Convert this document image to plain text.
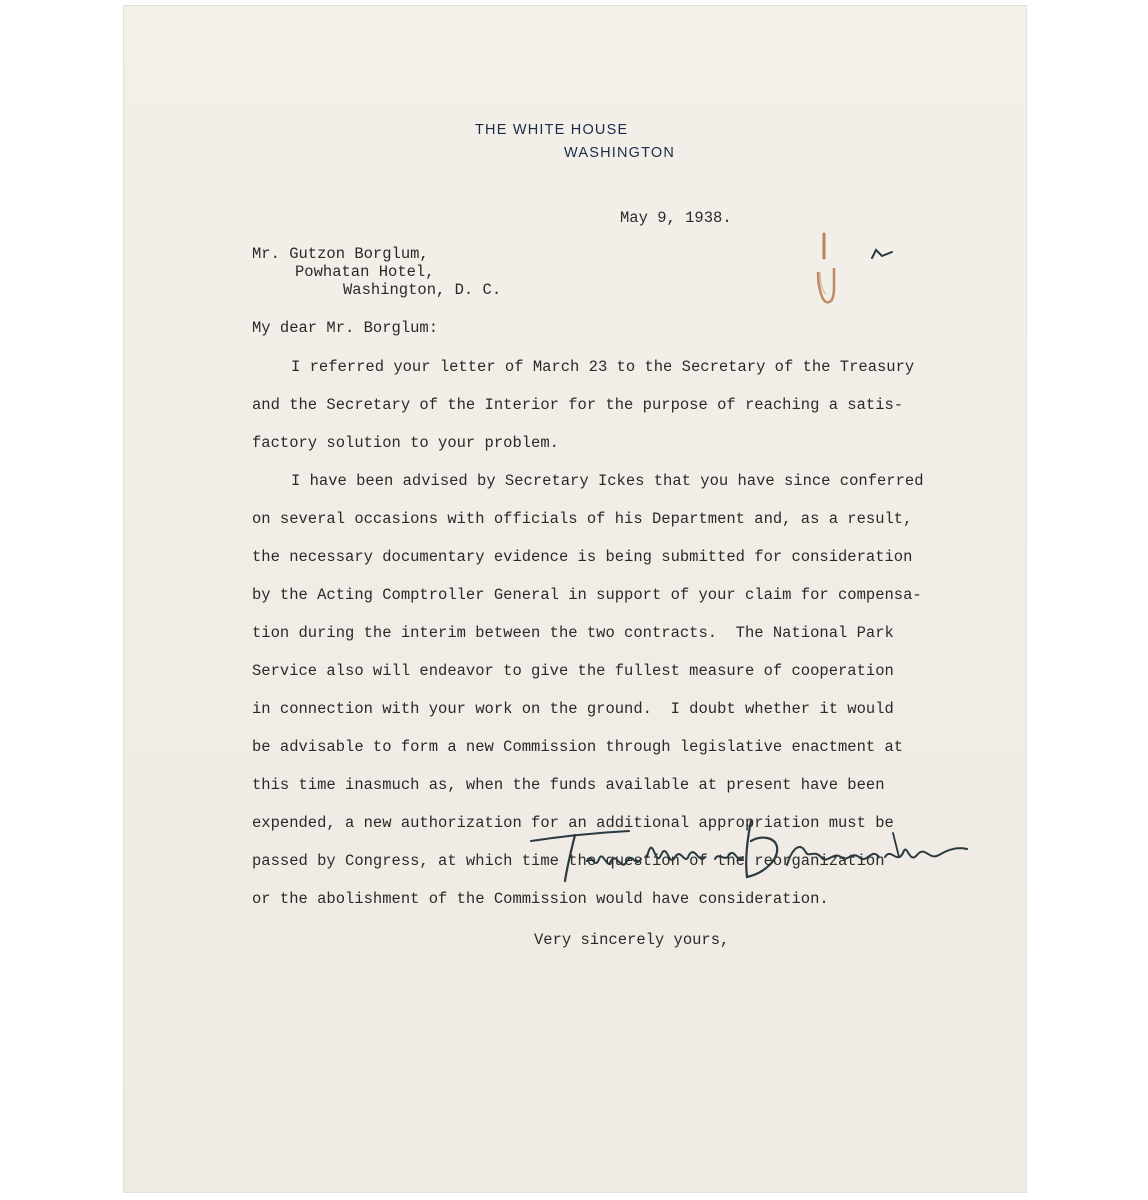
THE WHITE HOUSE
WASHINGTON
May 9, 1938.
Mr. Gutzon Borglum,
Powhatan Hotel,
Washington, D. C.
My dear Mr. Borglum:
I referred your letter of March 23 to the Secretary of the Treasury
and the Secretary of the Interior for the purpose of reaching a satis-
factory solution to your problem.
I have been advised by Secretary Ickes that you have since conferred
on several occasions with officials of his Department and, as a result,
the necessary documentary evidence is being submitted for consideration
by the Acting Comptroller General in support of your claim for compensa-
tion during the interim between the two contracts.  The National Park
Service also will endeavor to give the fullest measure of cooperation
in connection with your work on the ground.  I doubt whether it would
be advisable to form a new Commission through legislative enactment at
this time inasmuch as, when the funds available at present have been
expended, a new authorization for an additional appropriation must be
passed by Congress, at which time the question of the reorganization
or the abolishment of the Commission would have consideration.
Very sincerely yours,
